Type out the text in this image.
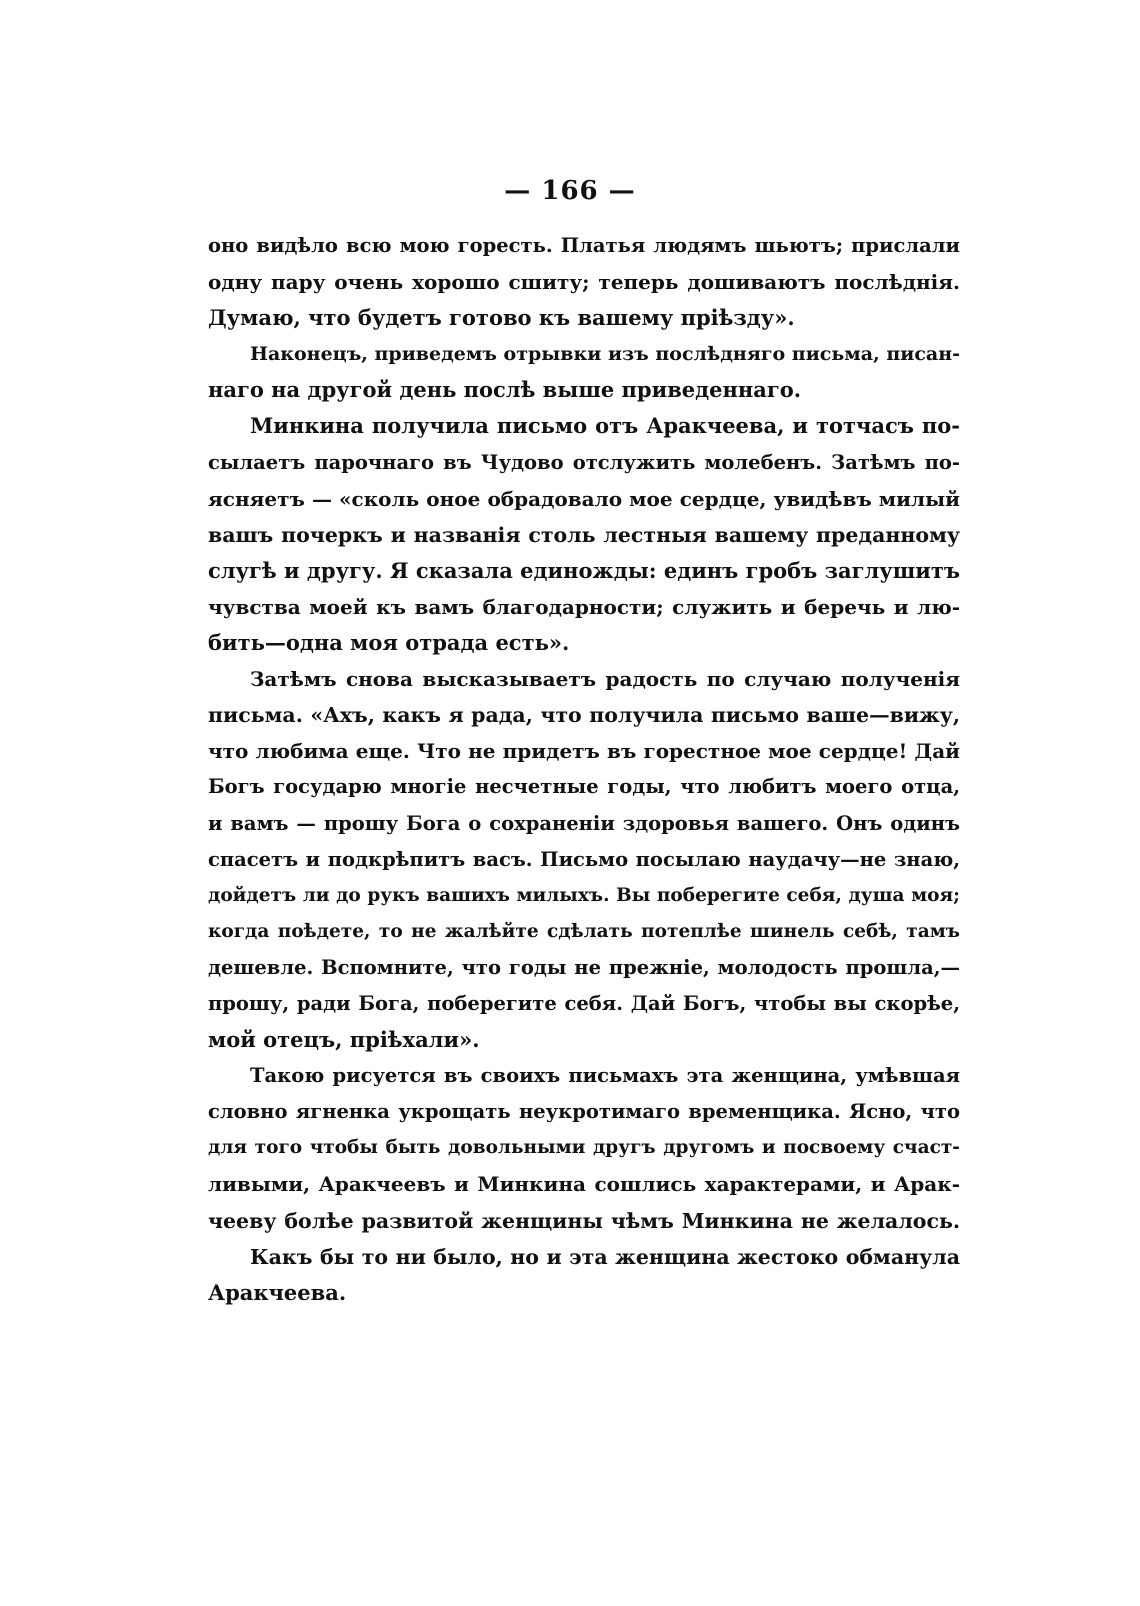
— 166 —
оно видѣло всю мою горесть. Платья людямъ шьютъ; прислали
одну пару очень хорошо сшиту; теперь дошиваютъ послѣднія.
Думаю, что будетъ готово къ вашему пріѣзду».
Наконецъ, приведемъ отрывки изъ послѣдняго письма, писан-
наго на другой день послѣ выше приведеннаго.
Минкина получила письмо отъ Аракчеева, и тотчасъ по-
сылаетъ парочнаго въ Чудово отслужить молебенъ. Затѣмъ по-
ясняетъ — «сколь оное обрадовало мое сердце, увидѣвъ милый
вашъ почеркъ и названія столь лестныя вашему преданному
слугѣ и другу. Я сказала единожды: единъ гробъ заглушитъ
чувства моей къ вамъ благодарности; служить и беречь и лю-
бить—одна моя отрада есть».
Затѣмъ снова высказываетъ радость по случаю полученія
письма. «Ахъ, какъ я рада, что получила письмо ваше—вижу,
что любима еще. Что не придетъ въ горестное мое сердце! Дай
Богъ государю многіе несчетные годы, что любитъ моего отца,
и вамъ — прошу Бога о сохраненіи здоровья вашего. Онъ одинъ
спасетъ и подкрѣпитъ васъ. Письмо посылаю наудачу—не знаю,
дойдетъ ли до рукъ вашихъ милыхъ. Вы поберегите себя, душа моя;
когда поѣдете, то не жалѣйте сдѣлать потеплѣе шинель себѣ, тамъ
дешевле. Вспомните, что годы не прежніе, молодость прошла,—
прошу, ради Бога, поберегите себя. Дай Богъ, чтобы вы скорѣе,
мой отецъ, пріѣхали».
Такою рисуется въ своихъ письмахъ эта женщина, умѣвшая
словно ягненка укрощать неукротимаго временщика. Ясно, что
для того чтобы быть довольными другъ другомъ и посвоему счаст-
ливыми, Аракчеевъ и Минкина сошлись характерами, и Арак-
чееву болѣе развитой женщины чѣмъ Минкина не желалось.
Какъ бы то ни было, но и эта женщина жестоко обманула
Аракчеева.
